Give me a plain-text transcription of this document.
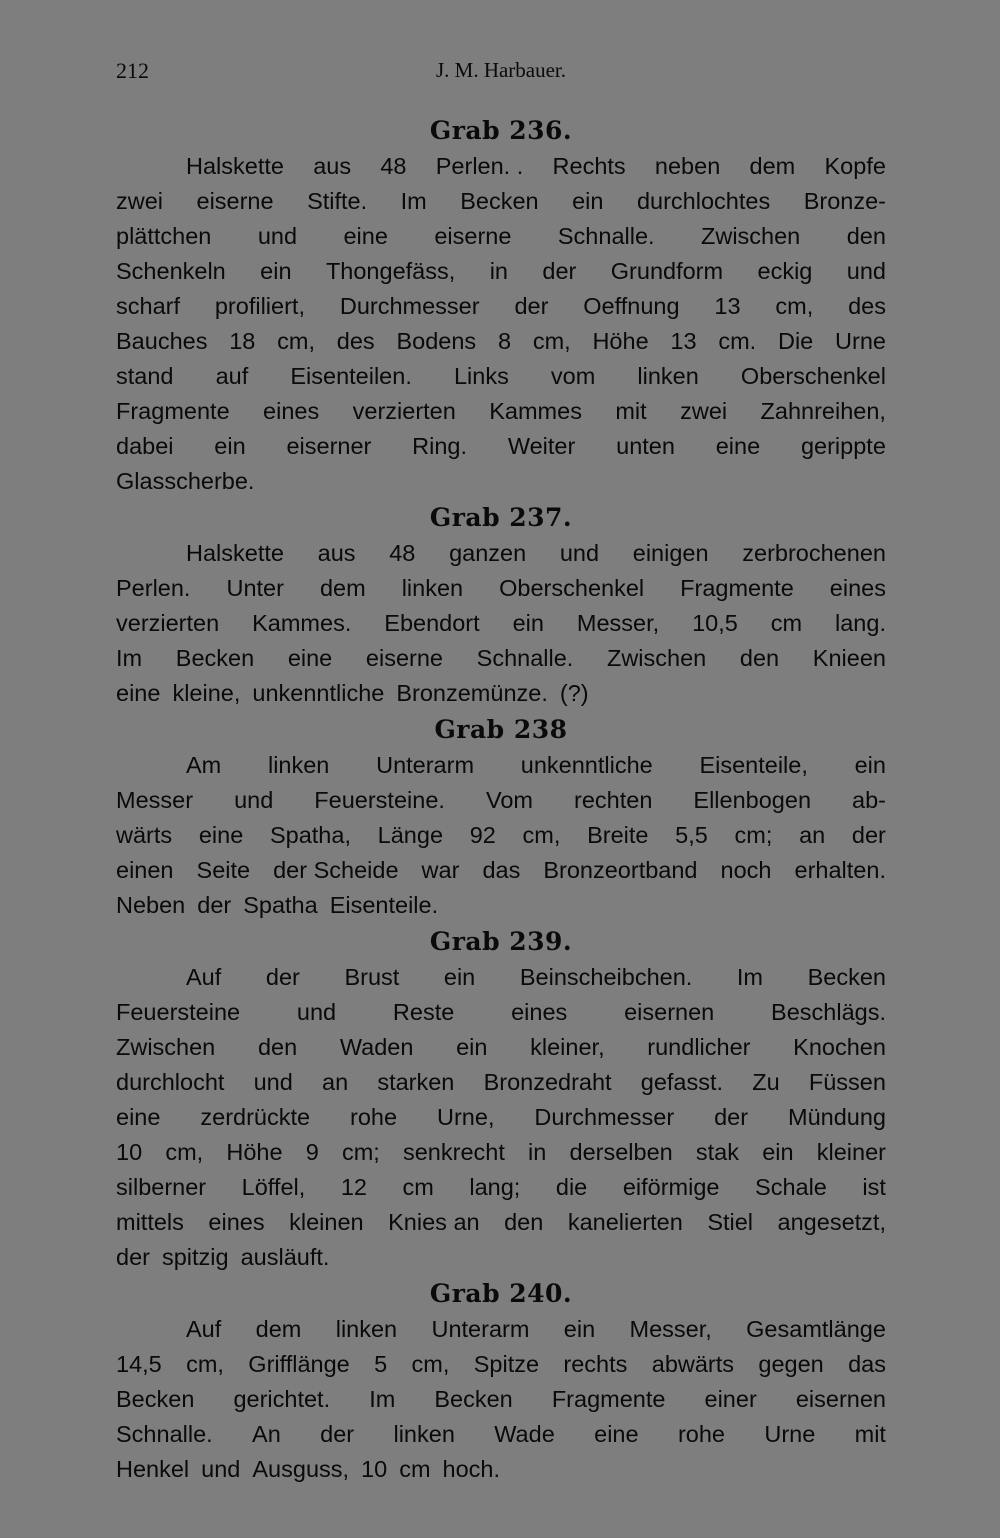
212	J. M. Harbauer.
Grab 236.
Halskette aus 48 Perlen. . Rechts neben dem Kopfe
zwei eiserne Stifte. Im Becken ein durchlochtes Bronze-
plättchen und eine eiserne Schnalle. Zwischen den
Schenkeln ein Thongefäss, in der Grundform eckig und
scharf profiliert, Durchmesser der Oeffnung 13 cm, des
Bauches 18 cm, des Bodens 8 cm, Höhe 13 cm. Die Urne
stand auf Eisenteilen. Links vom linken Oberschenkel
Fragmente eines verzierten Kammes mit zwei Zahnreihen,
dabei ein eiserner Ring. Weiter unten eine gerippte
Glasscherbe.
Grab 237.
Halskette aus 48 ganzen und einigen zerbrochenen
Perlen. Unter dem linken Oberschenkel Fragmente eines
verzierten Kammes. Ebendort ein Messer, 10,5 cm lang.
Im Becken eine eiserne Schnalle. Zwischen den Knieen
eine kleine, unkenntliche Bronzemünze. (?)
Grab 238
Am linken Unterarm unkenntliche Eisenteile, ein
Messer und Feuersteine. Vom rechten Ellenbogen ab-
wärts eine Spatha, Länge 92 cm, Breite 5,5 cm; an der
einen Seite der Scheide war das Bronzeortband noch erhalten.
Neben der Spatha Eisenteile.
Grab 239.
Auf der Brust ein Beinscheibchen. Im Becken
Feuersteine und Reste eines eisernen Beschlägs.
Zwischen den Waden ein kleiner, rundlicher Knochen
durchlocht und an starken Bronzedraht gefasst. Zu Füssen
eine zerdrückte rohe Urne, Durchmesser der Mündung
10 cm, Höhe 9 cm; senkrecht in derselben stak ein kleiner
silberner Löffel, 12 cm lang; die eiförmige Schale ist
mittels eines kleinen Knies an den kanelierten Stiel angesetzt,
der spitzig ausläuft.
Grab 240.
Auf dem linken Unterarm ein Messer, Gesamtlänge
14,5 cm, Grifflänge 5 cm, Spitze rechts abwärts gegen das
Becken gerichtet. Im Becken Fragmente einer eisernen
Schnalle. An der linken Wade eine rohe Urne mit
Henkel und Ausguss, 10 cm hoch.
